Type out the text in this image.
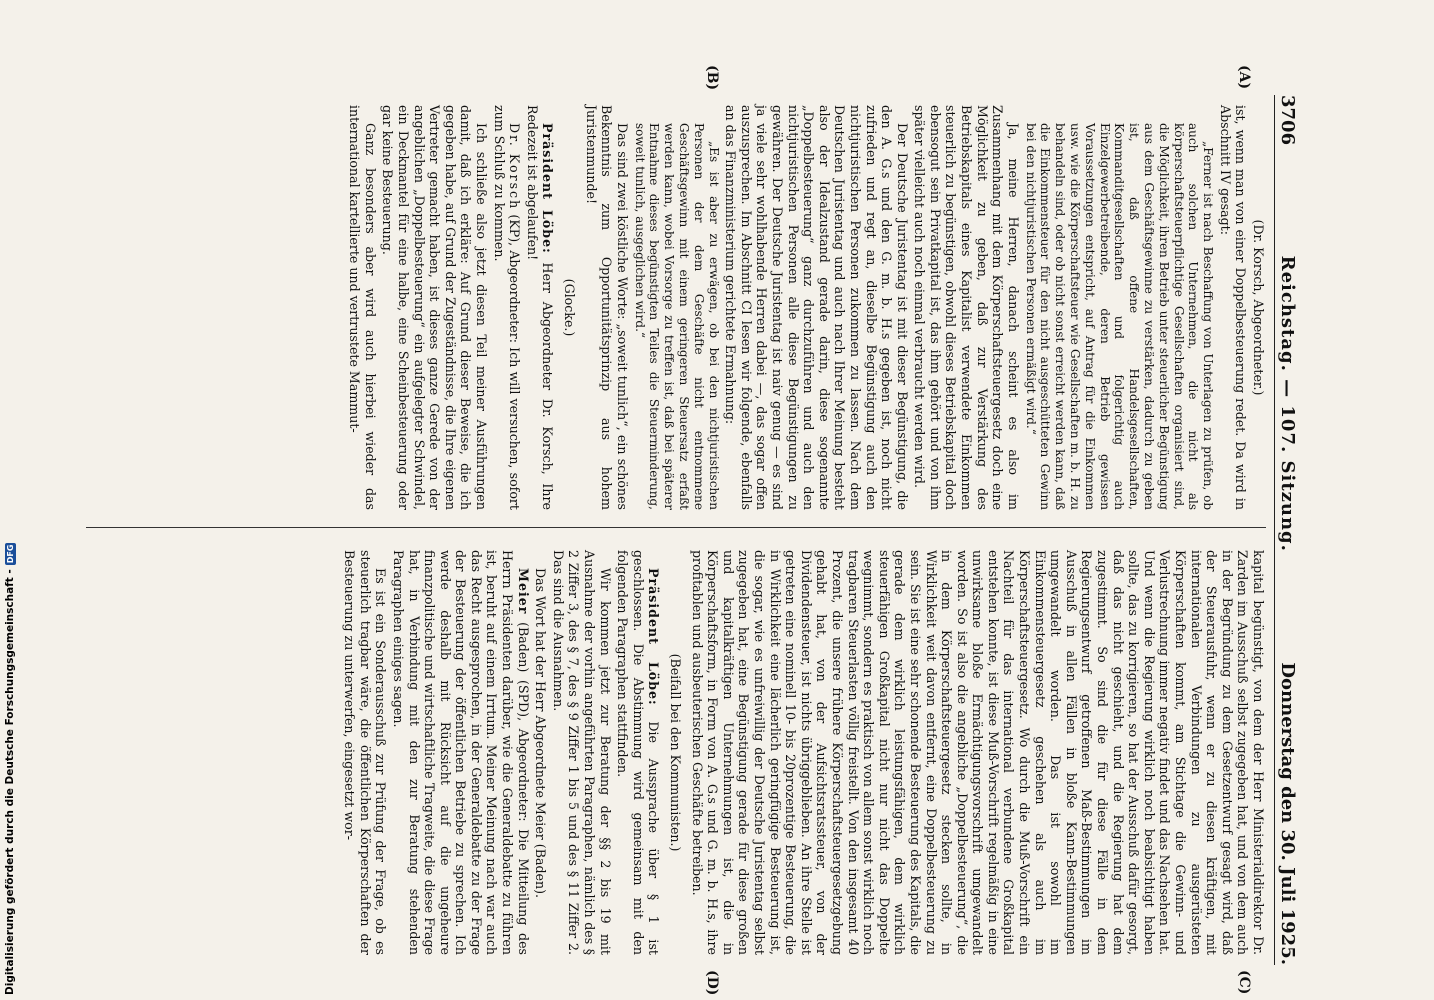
3706
Reichstag. — 107. Sitzung.
Donnerstag den 30. Juli 1925.
(A)
(B)
(C)
(D)

(Dr. Korsch, Abgeordneter.)

ist, wenn man von einer Doppelbesteuerung redet. Da wird in Abschnitt IV gesagt:

„Ferner ist nach Beschaffung von Unterlagen zu prüfen, ob auch solchen Unternehmen, die nicht als körperschaftsteuerpflichtige Gesellschaften organisiert sind, die Möglichkeit, ihren Betrieb unter steuerlicher Begünstigung aus dem Geschäftsgewinne zu verstärken, dadurch zu geben ist, daß offene Handelsgesellschaften, Kommanditgesellschaften und folgerichtig auch Einzelgewerbetreibende, deren Betrieb gewissen Voraussetzungen entspricht, auf Antrag für die Einkommen usw. wie die Körperschaftsteuer wie Gesellschaften m. b. H. zu behandeln sind, oder ob nicht sonst erreicht werden kann, daß die Einkommensteuer für den nicht ausgeschütteten Gewinn bei den nichtjuristischen Personen ermäßigt wird.“

Ja, meine Herren, danach scheint es also im Zusammenhang mit dem Körperschaftsteuergesetz doch eine Möglichkeit zu geben, daß zur Verstärkung des Betriebskapitals eines Kapitalist verwendete Einkommen steuerlich zu begünstigen, obwohl dieses Betriebskapital doch ebensogut sein Privatkapital ist, das ihm gehört und von ihm später vielleicht auch noch einmal verbraucht werden wird.

Der Deutsche Juristentag ist mit dieser Begünstigung, die den A. G.s und den G. m. b. H.s gegeben ist, noch nicht zufrieden und regt an, dieselbe Begünstigung auch den nichtjuristischen Personen zukommen zu lassen. Nach dem Deutschen Juristentag und auch nach Ihrer Meinung besteht also der Idealzustand gerade darin, diese sogenannte „Doppelbesteuerung“ ganz durchzuführen und auch den nichtjuristischen Personen alle diese Begünstigungen zu gewähren. Der Deutsche Juristentag ist naiv genug — es sind ja viele sehr wohlhabende Herren dabei —, das sogar offen auszusprechen. Im Abschnitt CI lesen wir folgende, ebenfalls an das Finanzministerium gerichtete Ermahnung:

„Es ist aber zu erwägen, ob bei den nichtjuristischen Personen der dem Geschäfte nicht entnommene Geschäftsgewinn mit einem geringeren Steuersatz erfaßt werden kann, wobei Vorsorge zu treffen ist, daß bei späterer Entnahme dieses begünstigten Teiles die Steuerminderung, soweit tunlich, ausgeglichen wird.“

Das sind zwei köstliche Worte: „soweit tunlich“, ein schönes Bekenntnis zum Opportunitätsprinzip aus hohem Juristenmunde!

(Glocke.)

Präsident Löbe: Herr Abgeordneter Dr. Korsch, Ihre Redezeit ist abgelaufen!

Dr. Korsch (KP), Abgeordneter: Ich will versuchen, sofort zum Schluß zu kommen.

Ich schließe also jetzt diesen Teil meiner Ausführungen damit, daß ich erkläre: Auf Grund dieser Beweise, die ich gegeben habe, auf Grund der Zugeständnisse, die Ihre eigenen Vertreter gemacht haben, ist dieses ganze Gerede von der angeblichen „Doppelbesteuerung“ ein aufgelegter Schwindel, ein Deckmantel für eine halbe, eine Scheinbesteuerung oder gar keine Besteuerung.

Ganz besonders aber wird auch hierbei wieder das international kartellierte und vertrustete Mammut-

kapital begünstigt, von dem der Herr Ministerialdirektor Dr. Zarden im Ausschuß selbst zugegeben hat, und von dem auch in der Begründung zu dem Gesetzentwurf gesagt wird, daß der Steuerausfuhr, wenn er zu diesen kräftigen, mit internationalen Verbindungen zu ausgerüsteten Körperschaften kommt, am Stichtage die Gewinn- und Verlustrechnung immer negativ findet und das Nachsehen hat. Und wenn die Regierung wirklich noch beabsichtigt haben sollte, das zu korrigieren, so hat der Ausschuß dafür gesorgt, daß das nicht geschieht, und die Regierung hat dem zugestimmt. So sind die für diese Fälle in dem Regierungsentwurf getroffenen Maß-Bestimmungen im Ausschuß in allen Fällen in bloße Kann-Bestimmungen umgewandelt worden. Das ist sowohl im Einkommensteuergesetz geschehen als auch im Körperschaftsteuergesetz. Wo durch die Muß-Vorschrift ein Nachteil für das international verbundene Großkapital entstehen konnte, ist diese Muß-Vorschrift regelmäßig in eine unwirksame bloße Ermächtigungsvorschrift umgewandelt worden. So ist also die angebliche „Doppelbesteuerung“, die in dem Körperschaftsteuergesetz stecken sollte, in Wirklichkeit weit davon entfernt, eine Doppelbesteuerung zu sein. Sie ist eine sehr schonende Besteuerung des Kapitals, die gerade dem wirklich leistungsfähigen, dem wirklich steuerfähigen Großkapital nicht nur nicht das Doppelte wegnimmt, sondern es praktisch von allem sonst wirklich noch tragbaren Steuerlasten völlig freistellt. Von den insgesamt 40 Prozent, die unsere frühere Körperschaftsteuergesetzgebung gehabt hat, von der Aufsichtsratssteuer, von der Dividendensteuer, ist nichts übriggeblieben. An ihre Stelle ist getreten eine nominell 10- bis 20prozentige Besteuerung, die in Wirklichkeit eine lächerlich geringfügige Besteuerung ist, die sogar, wie es unfreiwillig der Deutsche Juristentag selbst zugegeben hat, eine Begünstigung gerade für diese großen und kapitalkräftigen Unternehmungen ist, die in Körperschaftsform, in Form von A. G.s und G. m. b. H.s, ihre profitablen und ausbeuterischen Geschäfte betreiben.

(Beifall bei den Kommunisten.)

Präsident Löbe: Die Aussprache über § 1 ist geschlossen. Die Abstimmung wird gemeinsam mit den folgenden Paragraphen stattfinden.

Wir kommen jetzt zur Beratung der §§ 2 bis 19 mit Ausnahme der vorhin angeführten Paragraphen, nämlich des § 2 Ziffer 3, des § 7, des § 9 Ziffer 1 bis 5 und des § 11 Ziffer 2. Das sind die Ausnahmen.

Das Wort hat der Herr Abgeordnete Meier (Baden).

Meier (Baden) (SPD), Abgeordneter: Die Mitteilung des Herrn Präsidenten darüber, wie die Generaldebatte zu führen ist, beruht auf einem Irrtum. Meiner Meinung nach war auch das Recht ausgesprochen, in der Generaldebatte zu der Frage der Besteuerung der öffentlichen Betriebe zu sprechen. Ich werde deshalb mit Rücksicht auf die ungeheure finanzpolitische und wirtschaftliche Tragweite, die diese Frage hat, in Verbindung mit den zur Beratung stehenden Paragraphen einiges sagen.

Es ist ein Sonderausschuß zur Prüfung der Frage, ob es steuerlich tragbar wäre, die öffentlichen Körperschaften der Besteuerung zu unterwerfen, eingesetzt wor-

Digitalisierung gefördert durch die Deutsche Forschungsgemeinschaft -
DFG
